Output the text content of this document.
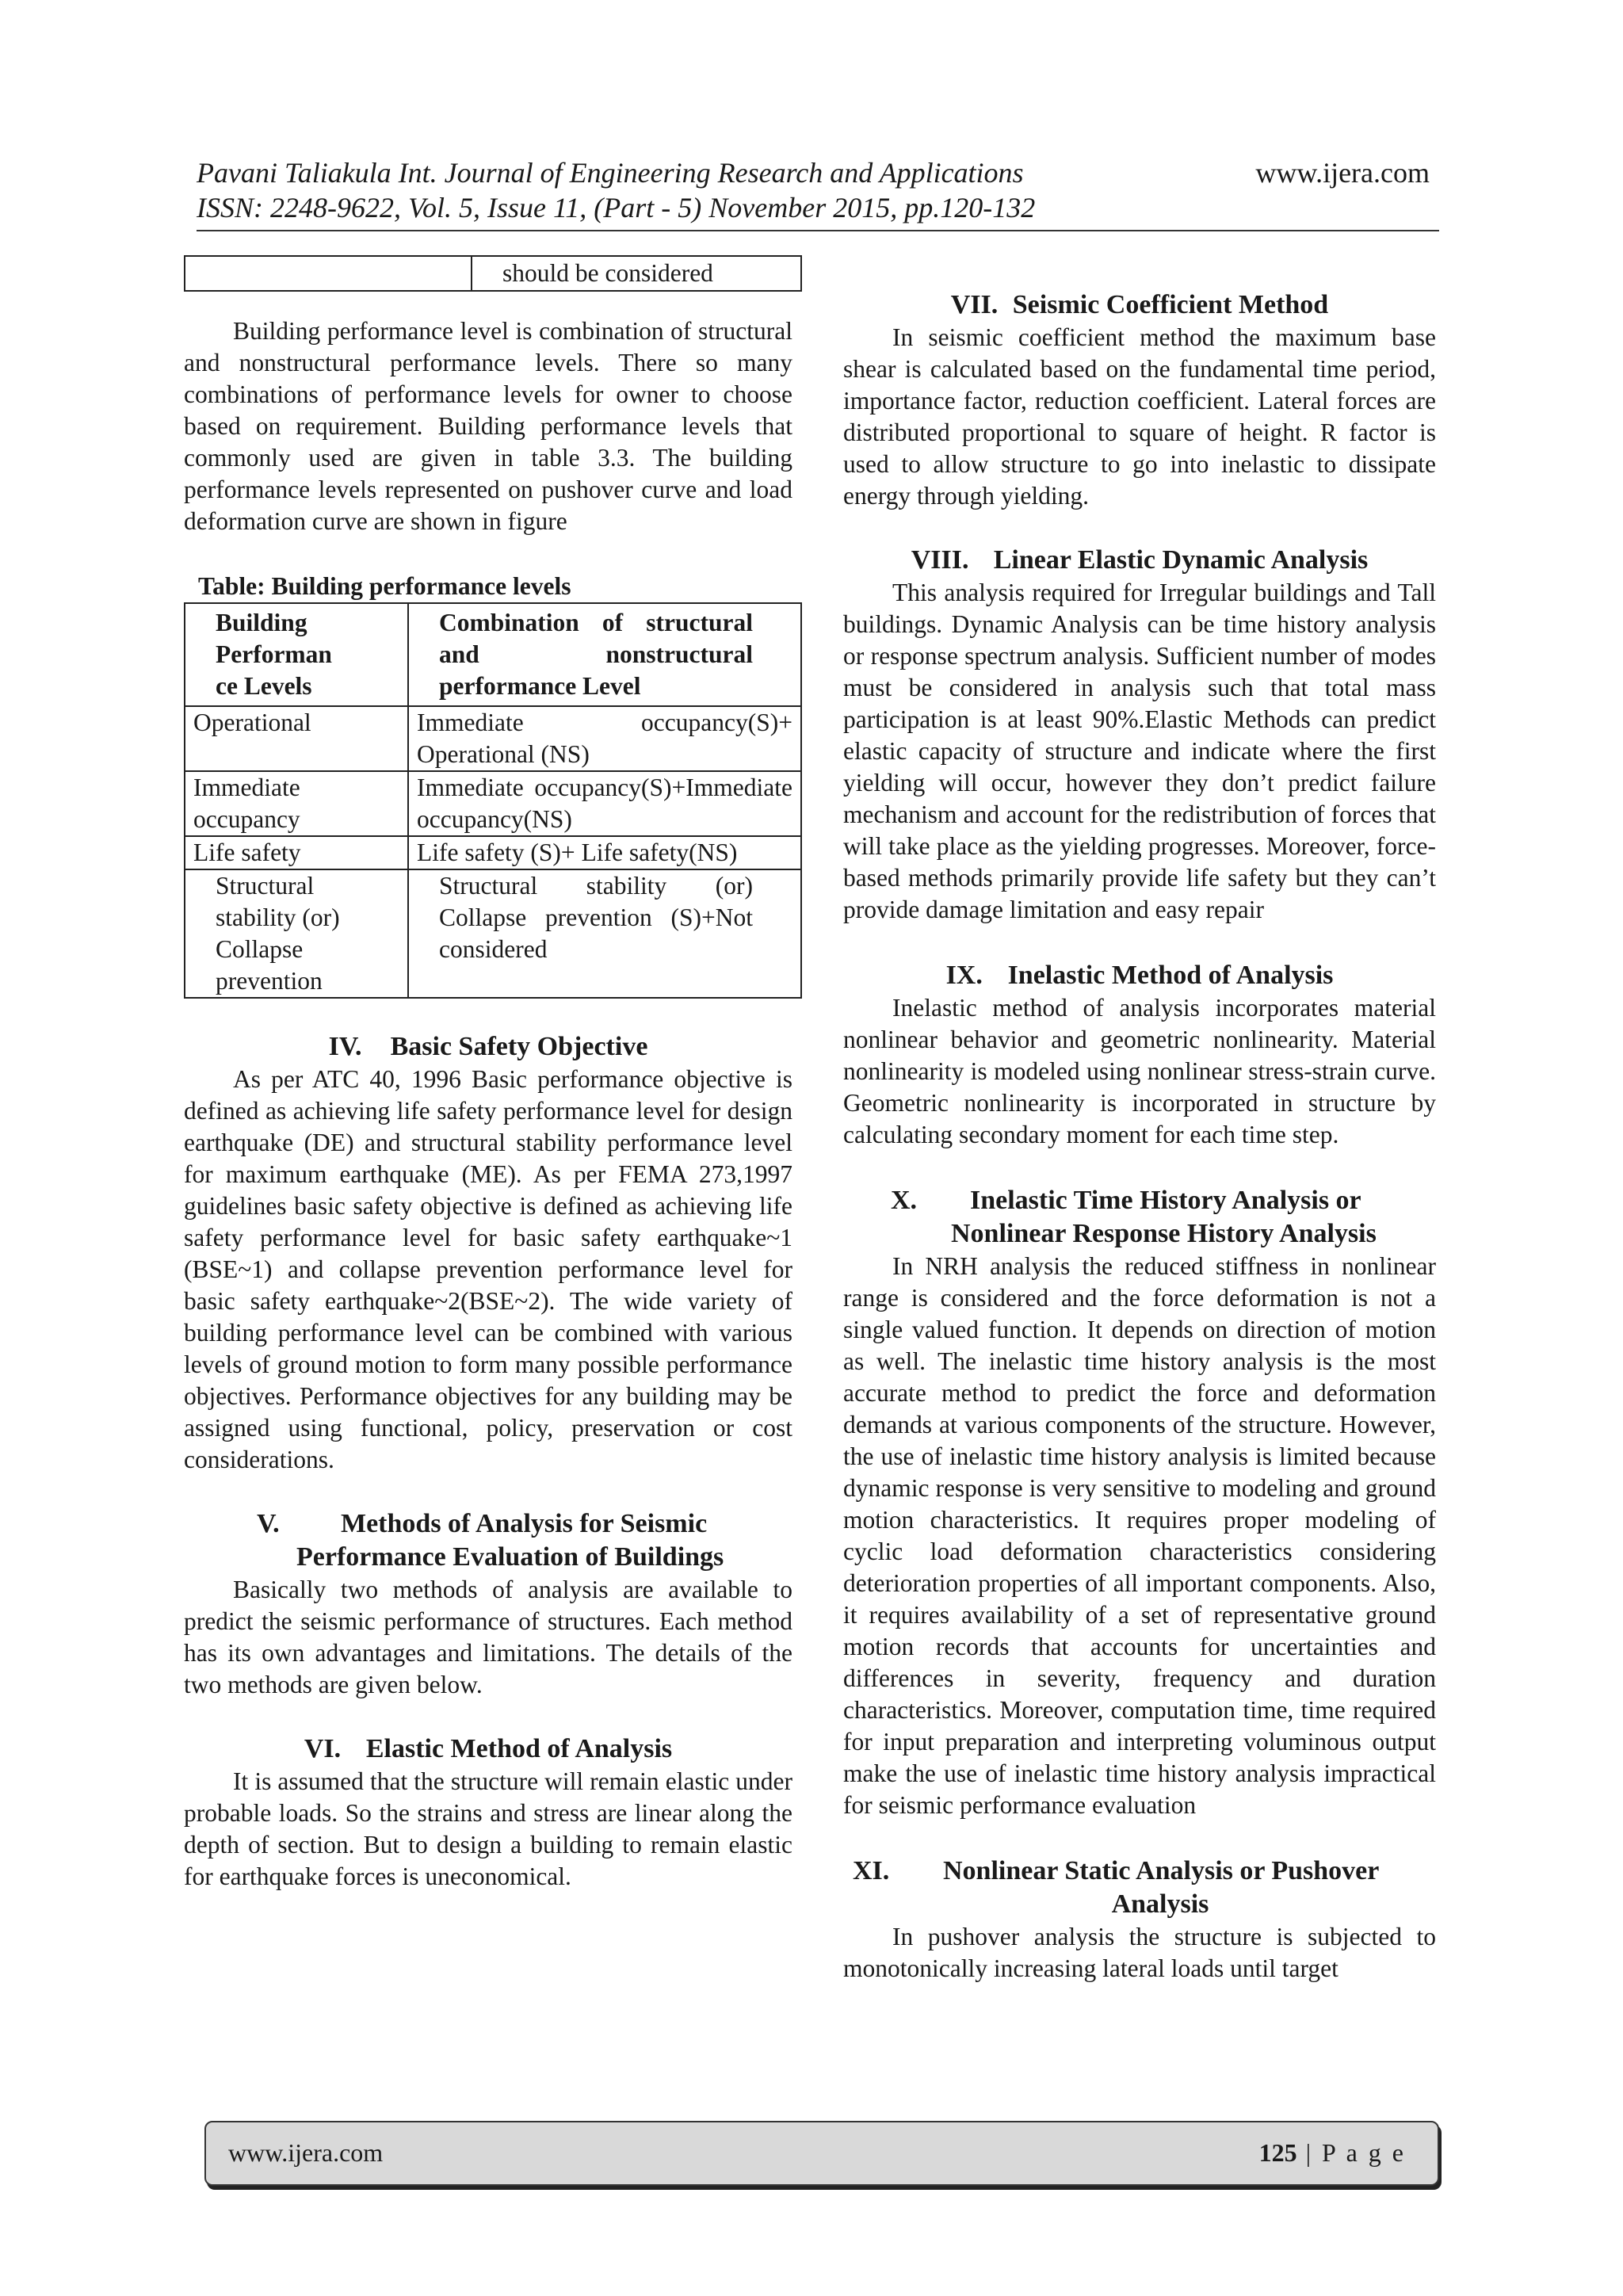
Pavani Taliakula Int. Journal of Engineering Research and Applications	www.ijera.com
ISSN: 2248-9622, Vol. 5, Issue 11, (Part - 5) November 2015, pp.120-132
	should be considered

Building performance level is combination of structural and nonstructural performance levels. There so many combinations of performance levels for owner to choose based on requirement. Building performance levels that commonly used are given in table 3.3. The building performance levels represented on pushover curve and load deformation curve are shown in figure

Table: Building performance levels
Building Performan ce Levels	Combination of structural and nonstructural performance Level
Operational	Immediate occupancy(S)+ Operational (NS)
Immediate occupancy	Immediate occupancy(S)+Immediate occupancy(NS)
Life safety	Life safety (S)+ Life safety(NS)
Structural stability (or) Collapse prevention	Structural stability (or) Collapse prevention (S)+Not considered
IV. Basic Safety Objective

As per ATC 40, 1996 Basic performance objective is defined as achieving life safety performance level for design earthquake (DE) and structural stability performance level for maximum earthquake (ME). As per FEMA 273,1997 guidelines basic safety objective is defined as achieving life safety performance level for basic safety earthquake~1 (BSE~1) and collapse prevention performance level for basic safety earthquake~2(BSE~2). The wide variety of building performance level can be combined with various levels of ground motion to form many possible performance objectives. Performance objectives for any building may be assigned using functional, policy, preservation or cost considerations.

V. Methods of Analysis for Seismic
Performance Evaluation of Buildings

Basically two methods of analysis are available to predict the seismic performance of structures. Each method has its own advantages and limitations. The details of the two methods are given below.

VI. Elastic Method of Analysis

It is assumed that the structure will remain elastic under probable loads. So the strains and stress are linear along the depth of section. But to design a building to remain elastic for earthquake forces is uneconomical.

VII. Seismic Coefficient Method

In seismic coefficient method the maximum base shear is calculated based on the fundamental time period, importance factor, reduction coefficient. Lateral forces are distributed proportional to square of height. R factor is used to allow structure to go into inelastic to dissipate energy through yielding.

VIII. Linear Elastic Dynamic Analysis

This analysis required for Irregular buildings and Tall buildings. Dynamic Analysis can be time history analysis or response spectrum analysis. Sufficient number of modes must be considered in analysis such that total mass participation is at least 90%.Elastic Methods can predict elastic capacity of structure and indicate where the first yielding will occur, however they don’t predict failure mechanism and account for the redistribution of forces that will take place as the yielding progresses. Moreover, force-based methods primarily provide life safety but they can’t provide damage limitation and easy repair

IX. Inelastic Method of Analysis

Inelastic method of analysis incorporates material nonlinear behavior and geometric nonlinearity. Material nonlinearity is modeled using nonlinear stress-strain curve. Geometric nonlinearity is incorporated in structure by calculating secondary moment for each time step.

X. Inelastic Time History Analysis or
Nonlinear Response History Analysis

In NRH analysis the reduced stiffness in nonlinear range is considered and the force deformation is not a single valued function. It depends on direction of motion as well. The inelastic time history analysis is the most accurate method to predict the force and deformation demands at various components of the structure. However, the use of inelastic time history analysis is limited because dynamic response is very sensitive to modeling and ground motion characteristics. It requires proper modeling of cyclic load deformation characteristics considering deterioration properties of all important components. Also, it requires availability of a set of representative ground motion records that accounts for uncertainties and differences in severity, frequency and duration characteristics. Moreover, computation time, time required for input preparation and interpreting voluminous output make the use of inelastic time history analysis impractical for seismic performance evaluation

XI. Nonlinear Static Analysis or Pushover
Analysis

In pushover analysis the structure is subjected to monotonically increasing lateral loads until target

www.ijera.com	125 | P a g e
